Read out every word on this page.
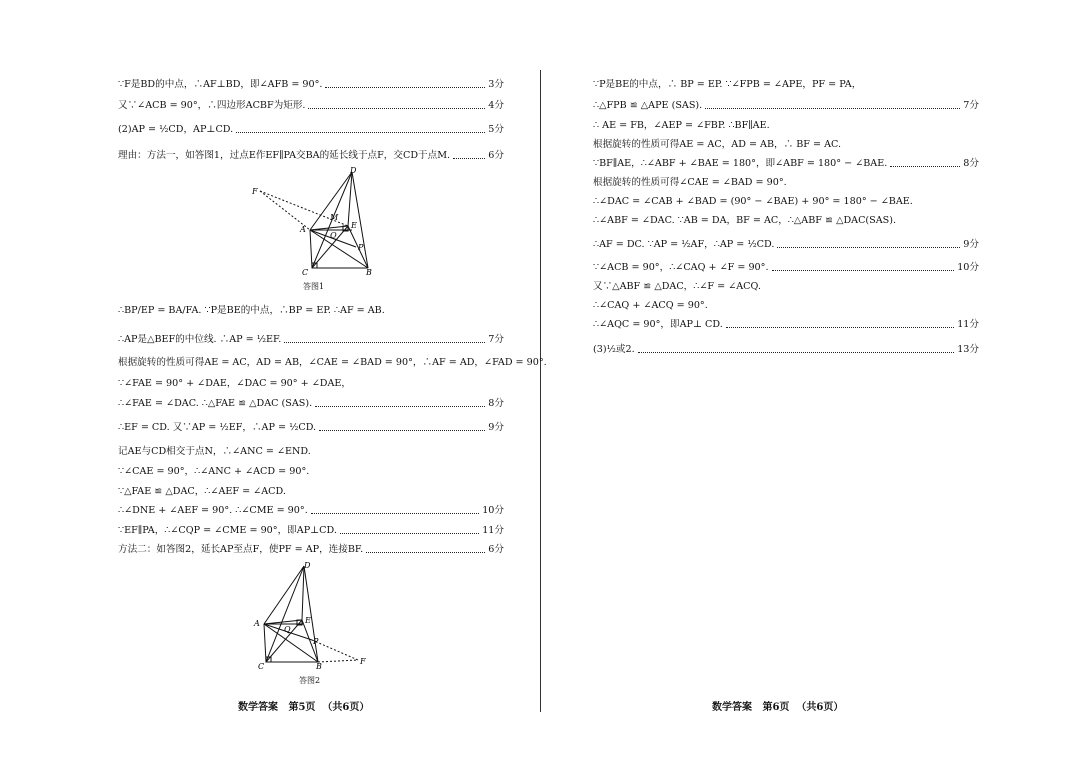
∵F是BD的中点，∴AF⊥BD，即∠AFB = 90°.	3分
又∵∠ACB = 90°，∴四边形ACBF为矩形.	4分
(2)AP = ½CD，AP⊥CD.	5分
理由：方法一，如答图1，过点E作EF∥PA交BA的延长线于点F，交CD于点M.	6分
F
D
M
E
A
Q
P
C	B
答图1
∴BP/EP = BA/FA. ∵P是BE的中点，∴BP = EP. ∴AF = AB.
∴AP是△BEF的中位线. ∴AP = ½EF.	7分
根据旋转的性质可得AE = AC，AD = AB，∠CAE = ∠BAD = 90°，∴AF = AD，∠FAD = 90°.
∵∠FAE = 90° + ∠DAE，∠DAC = 90° + ∠DAE，
∴∠FAE = ∠DAC. ∴△FAE ≌ △DAC (SAS).	8分
∴EF = CD. 又∵AP = ½EF，∴AP = ½CD.	9分
记AE与CD相交于点N，∴∠ANC = ∠END.
∵∠CAE = 90°，∴∠ANC + ∠ACD = 90°.
∵△FAE ≌ △DAC，∴∠AEF = ∠ACD.
∴∠DNE + ∠AEF = 90°. ∴∠CME = 90°.	10分
∵EF∥PA，∴∠CQP = ∠CME = 90°，即AP⊥CD.	11分
方法二：如答图2，延长AP至点F，使PF = AP，连接BF.	6分
D
A	E
Q
P
C	B
F
答图2
∵P是BE的中点，∴ BP = EP. ∵∠FPB = ∠APE，PF = PA，
∴△FPB ≌ △APE (SAS).	7分
∴ AE = FB，∠AEP = ∠FBP. ∴BF∥AE.
根据旋转的性质可得AE = AC，AD = AB，∴ BF = AC.
∵BF∥AE，∴∠ABF + ∠BAE = 180°，即∠ABF = 180° − ∠BAE.	8分
根据旋转的性质可得∠CAE = ∠BAD = 90°.
∴∠DAC = ∠CAB + ∠BAD = (90° − ∠BAE) + 90° = 180° − ∠BAE.
∴∠ABF = ∠DAC. ∵AB = DA，BF = AC，∴△ABF ≌ △DAC(SAS).
∴AF = DC. ∵AP = ½AF，∴AP = ½CD.	9分
∵∠ACB = 90°，∴∠CAQ + ∠F = 90°.	10分
又∵△ABF ≌ △DAC，∴∠F = ∠ACQ.
∴∠CAQ + ∠ACQ = 90°.
∴∠AQC = 90°，即AP⊥ CD.	11分
(3)½或2.	13分
数学答案   第5页  （共6页）	数学答案   第6页  （共6页）
